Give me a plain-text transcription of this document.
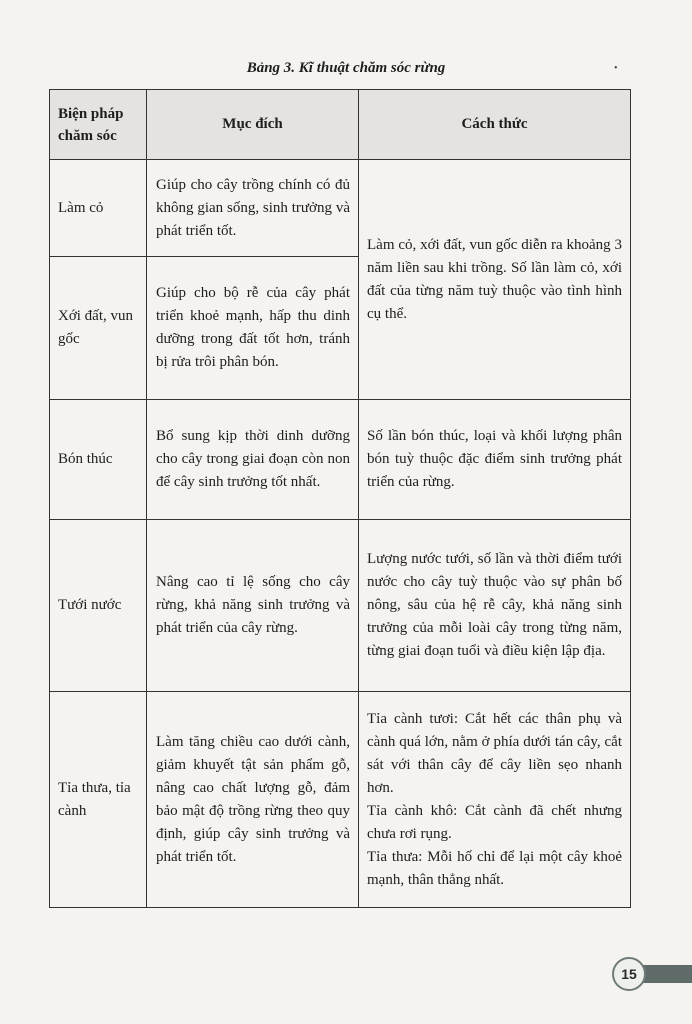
Bảng 3. Kĩ thuật chăm sóc rừng	•
Biện pháp chăm sóc	Mục đích	Cách thức
Làm cỏ	Giúp cho cây trồng chính có đủ không gian sống, sinh trưởng và phát triển tốt.	Làm cỏ, xới đất, vun gốc diễn ra khoảng 3 năm liền sau khi trồng. Số lần làm cỏ, xới đất của từng năm tuỳ thuộc vào tình hình cụ thể.
Xới đất, vun gốc	Giúp cho bộ rễ của cây phát triển khoẻ mạnh, hấp thu dinh dưỡng trong đất tốt hơn, tránh bị rửa trôi phân bón.	
Bón thúc	Bổ sung kịp thời dinh dưỡng cho cây trong giai đoạn còn non để cây sinh trưởng tốt nhất.	Số lần bón thúc, loại và khối lượng phân bón tuỳ thuộc đặc điểm sinh trưởng phát triển của rừng.
Tưới nước	Nâng cao tỉ lệ sống cho cây rừng, khả năng sinh trưởng và phát triển của cây rừng.	Lượng nước tưới, số lần và thời điểm tưới nước cho cây tuỳ thuộc vào sự phân bố nông, sâu của hệ rễ cây, khả năng sinh trưởng của mỗi loài cây trong từng năm, từng giai đoạn tuổi và điều kiện lập địa.
Tỉa thưa, tỉa cành	Làm tăng chiều cao dưới cành, giảm khuyết tật sản phẩm gỗ, nâng cao chất lượng gỗ, đảm bảo mật độ trồng rừng theo quy định, giúp cây sinh trưởng và phát triển tốt.	Tỉa cành tươi: Cắt hết các thân phụ và cành quá lớn, nằm ở phía dưới tán cây, cắt sát với thân cây để cây liền sẹo nhanh hơn.
Tỉa cành khô: Cắt cành đã chết nhưng chưa rơi rụng.
Tỉa thưa: Mỗi hố chỉ để lại một cây khoẻ mạnh, thân thẳng nhất.
15
